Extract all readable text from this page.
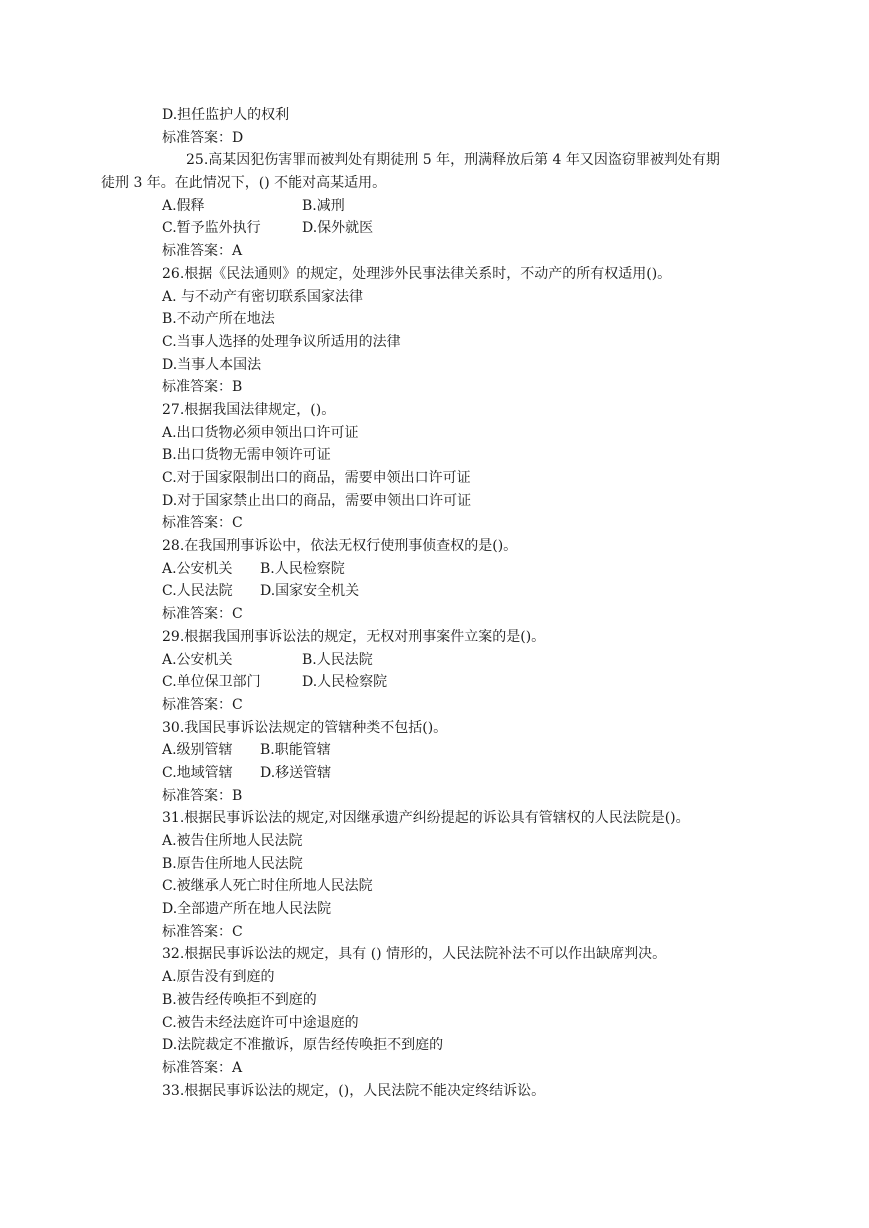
D.担任监护人的权利
标准答案：D
25.高某因犯伤害罪而被判处有期徒刑 5 年，刑满释放后第 4 年又因盗窃罪被判处有期
徒刑 3 年。在此情况下，() 不能对高某适用。
A.假释	B.减刑
C.暂予监外执行	D.保外就医
标准答案：A
26.根据《民法通则》的规定，处理涉外民事法律关系时，不动产的所有权适用()。
A. 与不动产有密切联系国家法律
B.不动产所在地法
C.当事人选择的处理争议所适用的法律
D.当事人本国法
标准答案：B
27.根据我国法律规定，()。
A.出口货物必须申领出口许可证
B.出口货物无需申领许可证
C.对于国家限制出口的商品，需要申领出口许可证
D.对于国家禁止出口的商品，需要申领出口许可证
标准答案：C
28.在我国刑事诉讼中，依法无权行使刑事侦查权的是()。
A.公安机关	B.人民检察院
C.人民法院	D.国家安全机关
标准答案：C
29.根据我国刑事诉讼法的规定，无权对刑事案件立案的是()。
A.公安机关	B.人民法院
C.单位保卫部门	D.人民检察院
标准答案：C
30.我国民事诉讼法规定的管辖种类不包括()。
A.级别管辖	B.职能管辖
C.地域管辖	D.移送管辖
标准答案：B
31.根据民事诉讼法的规定,对因继承遗产纠纷提起的诉讼具有管辖权的人民法院是()。
A.被告住所地人民法院
B.原告住所地人民法院
C.被继承人死亡时住所地人民法院
D.全部遗产所在地人民法院
标准答案：C
32.根据民事诉讼法的规定，具有 () 情形的，人民法院补法不可以作出缺席判决。
A.原告没有到庭的
B.被告经传唤拒不到庭的
C.被告未经法庭许可中途退庭的
D.法院裁定不准撤诉，原告经传唤拒不到庭的
标准答案：A
33.根据民事诉讼法的规定，()，人民法院不能决定终结诉讼。
